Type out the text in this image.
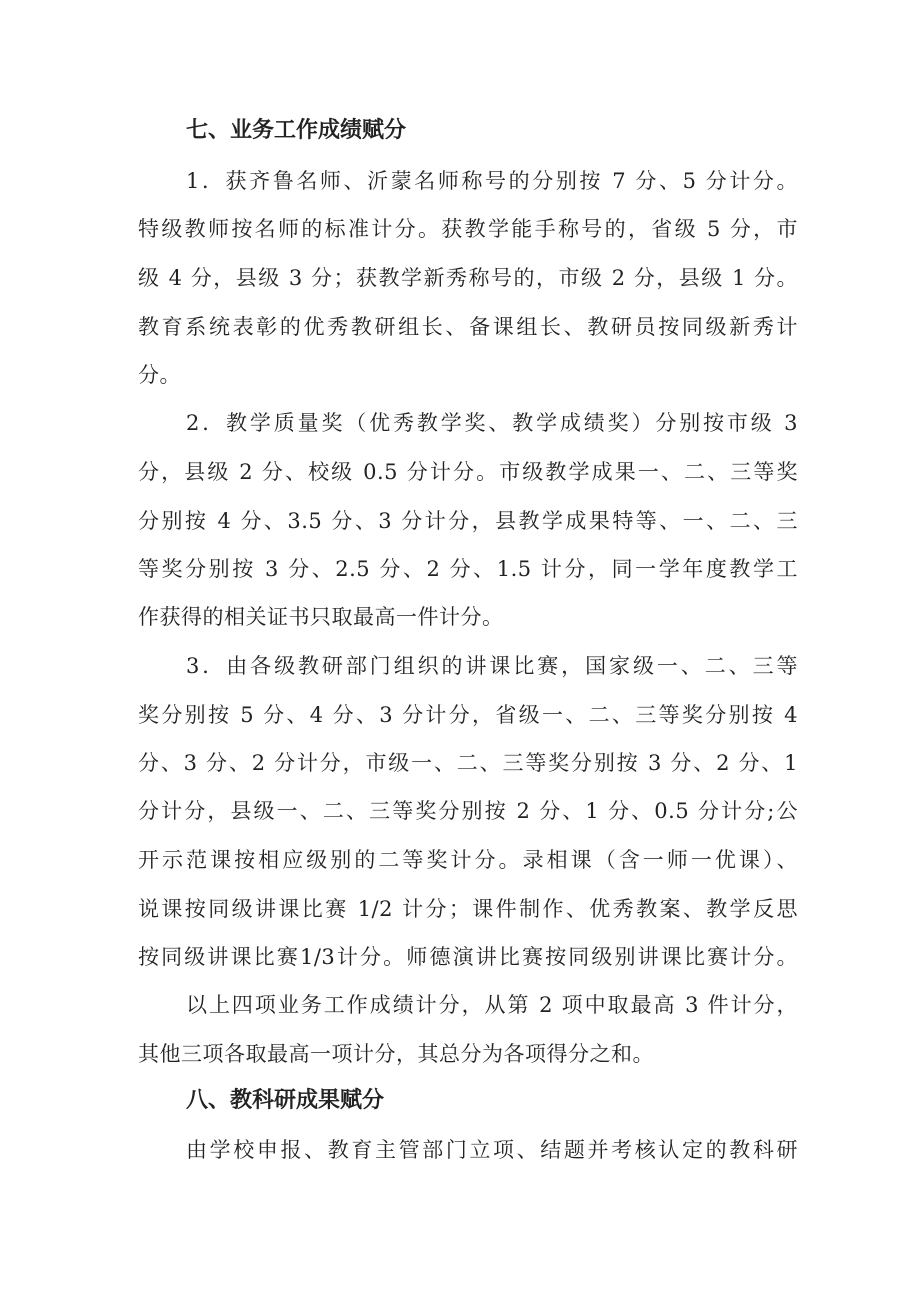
七、业务工作成绩赋分
1．获齐鲁名师、沂蒙名师称号的分别按 7 分、5 分计分。
特级教师按名师的标准计分。获教学能手称号的，省级 5 分，市
级 4 分，县级 3 分；获教学新秀称号的，市级 2 分，县级 1 分。
教育系统表彰的优秀教研组长、备课组长、教研员按同级新秀计
分。
2．教学质量奖（优秀教学奖、教学成绩奖）分别按市级 3
分，县级 2 分、校级 0.5 分计分。市级教学成果一、二、三等奖
分别按 4 分、3.5 分、3 分计分，县教学成果特等、一、二、三
等奖分别按 3 分、2.5 分、2 分、1.5 计分，同一学年度教学工
作获得的相关证书只取最高一件计分。
3．由各级教研部门组织的讲课比赛，国家级一、二、三等
奖分别按 5 分、4 分、3 分计分，省级一、二、三等奖分别按 4
分、3 分、2 分计分，市级一、二、三等奖分别按 3 分、2 分、1
分计分，县级一、二、三等奖分别按 2 分、1 分、0.5 分计分;公
开示范课按相应级别的二等奖计分。录相课（含一师一优课）、
说课按同级讲课比赛 1/2 计分；课件制作、优秀教案、教学反思
按同级讲课比赛1/3计分。师德演讲比赛按同级别讲课比赛计分。
以上四项业务工作成绩计分，从第 2 项中取最高 3 件计分，
其他三项各取最高一项计分，其总分为各项得分之和。
八、教科研成果赋分
由学校申报、教育主管部门立项、结题并考核认定的教科研
